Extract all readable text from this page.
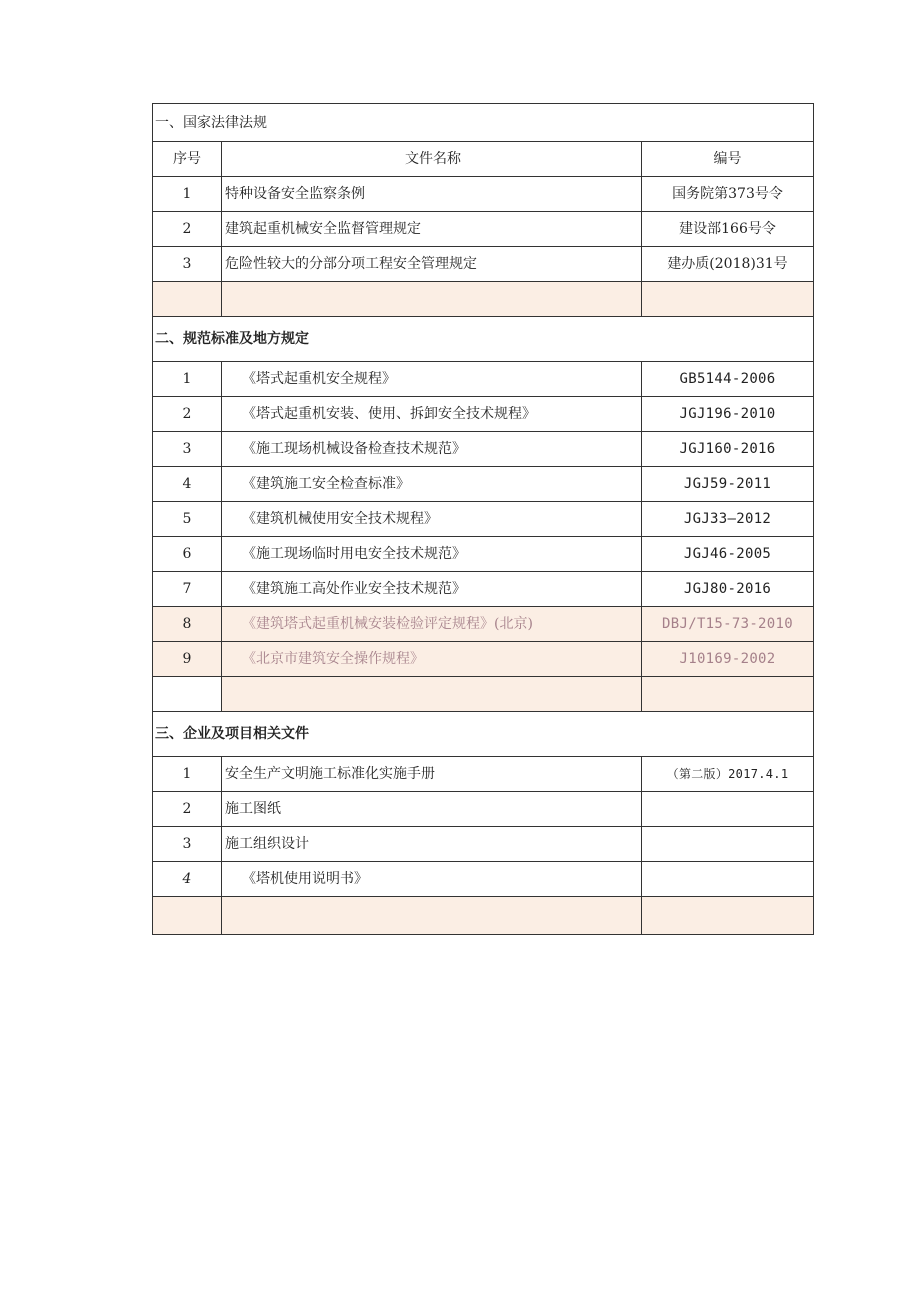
一、国家法律法规		
序号	文件名称	编号
1	特种设备安全监察条例	国务院第373号令
2	建筑起重机械安全监督管理规定	建设部166号令
3	危险性较大的分部分项工程安全管理规定	建办质(2018)31号

二、规范标准及地方规定		
1	《塔式起重机安全规程》	GB5144-2006
2	《塔式起重机安装、使用、拆卸安全技术规程》	JGJ196-2010
3	《施工现场机械设备检查技术规范》	JGJ160-2016
4	《建筑施工安全检查标准》	JGJ59-2011
5	《建筑机械使用安全技术规程》	JGJ33—2012
6	《施工现场临时用电安全技术规范》	JGJ46-2005
7	《建筑施工高处作业安全技术规范》	JGJ80-2016
8	《建筑塔式起重机械安装检验评定规程》(北京)	DBJ/T15-73-2010
9	《北京市建筑安全操作规程》	J10169-2002

三、企业及项目相关文件		
1	安全生产文明施工标准化实施手册	（第二版）2017.4.1
2	施工图纸	
3	施工组织设计	
4	《塔机使用说明书》	
